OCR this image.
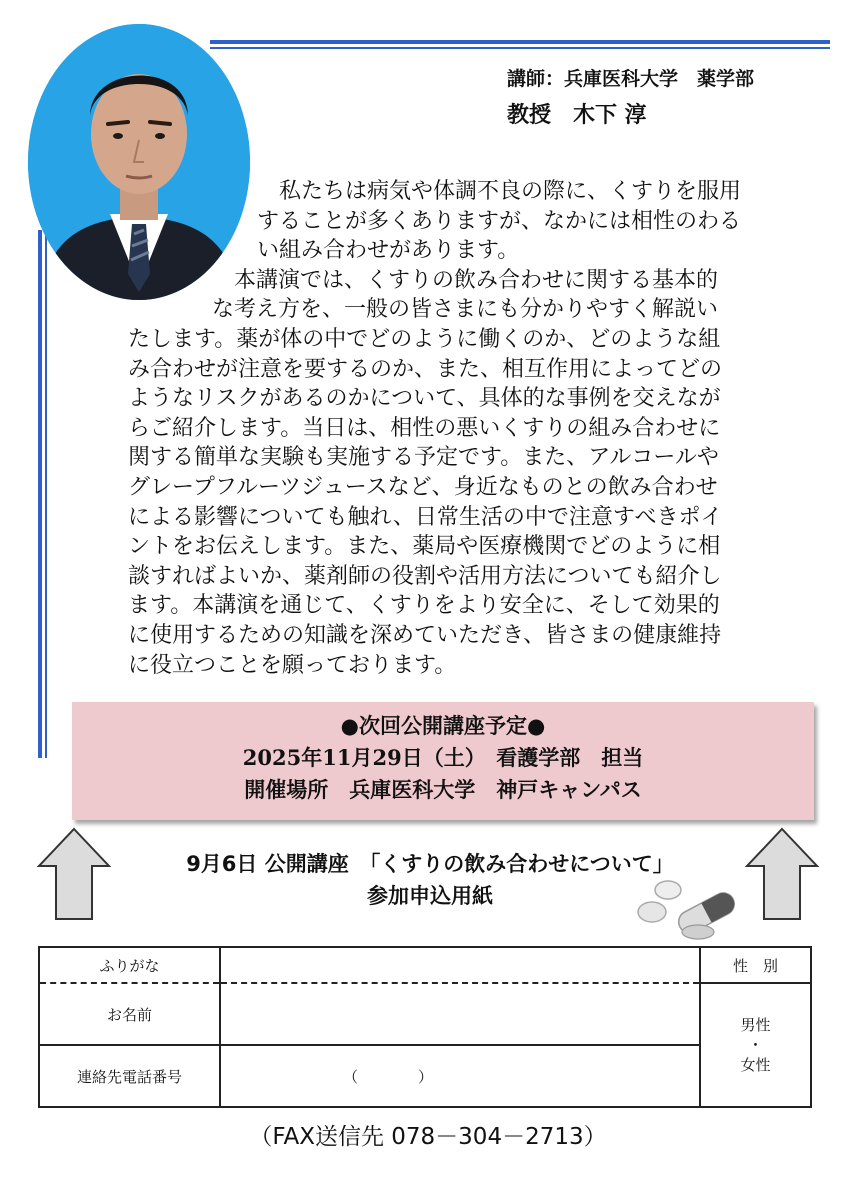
講師：兵庫医科大学　薬学部
教授　木下 淳
　私たちは病気や体調不良の際に、くすりを服用
することが多くありますが、なかには相性のわる
い組み合わせがあります。
　本講演では、くすりの飲み合わせに関する基本的
な考え方を、一般の皆さまにも分かりやすく解説い
たします。薬が体の中でどのように働くのか、どのような組
み合わせが注意を要するのか、また、相互作用によってどの
ようなリスクがあるのかについて、具体的な事例を交えなが
らご紹介します。当日は、相性の悪いくすりの組み合わせに
関する簡単な実験も実施する予定です。また、アルコールや
グレープフルーツジュースなど、身近なものとの飲み合わせ
による影響についても触れ、日常生活の中で注意すべきポイ
ントをお伝えします。また、薬局や医療機関でどのように相
談すればよいか、薬剤師の役割や活用方法についても紹介し
ます。本講演を通じて、くすりをより安全に、そして効果的
に使用するための知識を深めていただき、皆さまの健康維持
に役立つことを願っております。
●次回公開講座予定●
2025年11月29日（土）　看護学部　担当
開催場所　兵庫医科大学　神戸キャンパス
9月6日 公開講座　「くすりの飲み合わせについて」
参加申込用紙
ふりがな		性　別
お名前		男性
・
女性

連絡先電話番号	（　　　　）	
（FAX送信先 078－304－2713）
